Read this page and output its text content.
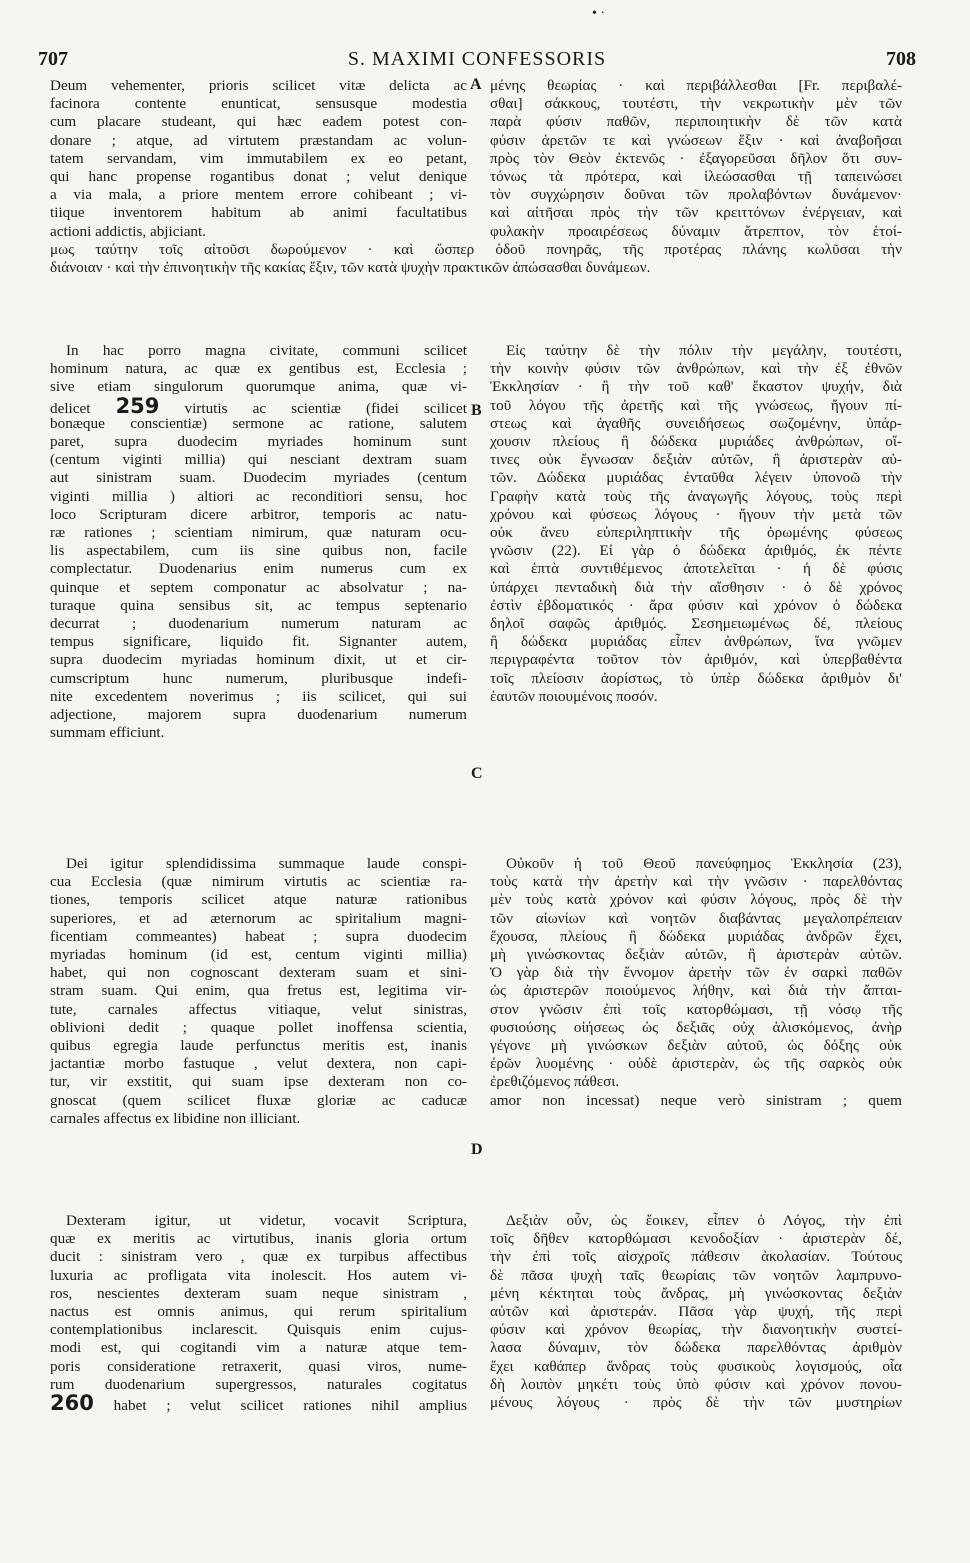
• ·
707	S. MAXIMI CONFESSORIS	708
Deum vehementer, prioris scilicet vitæ delicta ac
facinora contente enunticat, sensusque modestia
cum placare studeant, qui hæc eadem potest con-
donare ; atque, ad virtutem præstandam ac volun-
tatem servandam, vim immutabilem ex eo petant,
qui hanc propense rogantibus donat ; velut denique
a via mala, a priore mentem errore cohibeant ; vi-
tiique inventorem habitum ab animi facultatibus
actioni addictis, abjiciant.
μένης θεωρίας · καὶ περιβάλλεσθαι [Fr. περιβαλέ-
σθαι] σάκκους, τουτέστι, τὴν νεκρωτικὴν μὲν τῶν
παρὰ φύσιν παθῶν, περιποιητικὴν δὲ τῶν κατὰ
φύσιν ἀρετῶν τε καὶ γνώσεων ἕξιν · καὶ ἀναβοῆσαι
πρὸς τὸν Θεὸν ἐκτενῶς · ἐξαγορεῦσαι δῆλον ὅτι συν-
τόνως τὰ πρότερα, καὶ ἱλεώσασθαι τῇ ταπεινώσει
τὸν συγχώρησιν δοῦναι τῶν προλαβόντων δυνάμενον·
καὶ αἰτῆσαι πρὸς τὴν τῶν κρειττόνων ἐνέργειαν, καὶ
φυλακὴν προαιρέσεως δύναμιν ἄτρεπτον, τὸν ἑτοί-
μως ταύτην τοῖς αἰτοῦσι δωρούμενον · καὶ ὥσπερ ὁδοῦ πονηρᾶς, τῆς προτέρας πλάνης κωλῦσαι τὴν
διάνοιαν · καὶ τὴν ἐπινοητικὴν τῆς κακίας ἕξιν, τῶν κατὰ ψυχὴν πρακτικῶν ἀπώσασθαι δυνάμεων.
In hac porro magna civitate, communi scilicet
hominum natura, ac quæ ex gentibus est, Ecclesia ;
sive etiam singulorum quorumque anima, quæ vi-
delicet 259 virtutis ac scientiæ (fidei scilicet
bonæque conscientiæ) sermone ac ratione, salutem
paret, supra duodecim myriades hominum sunt
(centum viginti millia) qui nesciant dextram suam
aut sinistram suam. Duodecim myriades (centum
viginti millia ) altiori ac reconditiori sensu, hoc
loco Scripturam dicere arbitror, temporis ac natu-
ræ rationes ; scientiam nimirum, quæ naturam ocu-
lis aspectabilem, cum iis sine quibus non, facile
complectatur. Duodenarius enim numerus cum ex
quinque et septem componatur ac absolvatur ; na-
turaque quina sensibus sit, ac tempus septenario
decurrat ; duodenarium numerum naturam ac
tempus significare, liquido fit. Signanter autem,
supra duodecim myriadas hominum dixit, ut et cir-
cumscriptum hunc numerum, pluribusque indefi-
nite excedentem noverimus ; iis scilicet, qui sui
adjectione, majorem supra duodenarium numerum
summam efficiunt.
Εἰς ταύτην δὲ τὴν πόλιν τὴν μεγάλην, τουτέστι,
τὴν κοινὴν φύσιν τῶν ἀνθρώπων, καὶ τὴν ἐξ ἐθνῶν
Ἐκκλησίαν · ἢ τὴν τοῦ καθ' ἕκαστον ψυχήν, διὰ
τοῦ λόγου τῆς ἀρετῆς καὶ τῆς γνώσεως, ἤγουν πί-
στεως καὶ ἀγαθῆς συνειδήσεως σωζομένην, ὑπάρ-
χουσιν πλείους ἢ δώδεκα μυριάδες ἀνθρώπων, οἵ-
τινες οὐκ ἔγνωσαν δεξιὰν αὐτῶν, ἢ ἀριστερὰν αὐ-
τῶν. Δώδεκα μυριάδας ἐνταῦθα λέγειν ὑπονοῶ τὴν
Γραφὴν κατὰ τοὺς τῆς ἀναγωγῆς λόγους, τοὺς περὶ
χρόνου καὶ φύσεως λόγους · ἤγουν τὴν μετὰ τῶν
οὐκ ἄνευ εὐπεριληπτικὴν τῆς ὁρωμένης φύσεως
γνῶσιν (22). Εἰ γὰρ ὁ δώδεκα ἀριθμός, ἐκ πέντε
καὶ ἑπτὰ συντιθέμενος ἀποτελεῖται · ἡ δὲ φύσις
ὑπάρχει πενταδικὴ διὰ τὴν αἴσθησιν · ὁ δὲ χρόνος
ἐστὶν ἑβδοματικός · ἄρα φύσιν καὶ χρόνον ὁ δώδεκα
δηλοῖ σαφῶς ἀριθμός. Σεσημειωμένως δέ, πλείους
ἢ δώδεκα μυριάδας εἶπεν ἀνθρώπων, ἵνα γνῶμεν
περιγραφέντα τοῦτον τὸν ἀριθμόν, καὶ ὑπερβαθέντα
τοῖς πλείοσιν ἀορίστως, τὸ ὑπὲρ δώδεκα ἀριθμὸν δι'
ἑαυτῶν ποιουμένοις ποσόν.
Dei igitur splendidissima summaque laude conspi-
cua Ecclesia (quæ nimirum virtutis ac scientiæ ra-
tiones, temporis scilicet atque naturæ rationibus
superiores, et ad æternorum ac spiritalium magni-
ficentiam commeantes) habeat ; supra duodecim
myriadas hominum (id est, centum viginti millia)
habet, qui non cognoscant dexteram suam et sini-
stram suam. Qui enim, qua fretus est, legitima vir-
tute, carnales affectus vitiaque, velut sinistras,
oblivioni dedit ; quaque pollet inoffensa scientia,
quibus egregia laude perfunctus meritis est, inanis
jactantiæ morbo fastuque , velut dextera, non capi-
tur, vir exstitit, qui suam ipse dexteram non co-
gnoscat (quem scilicet fluxæ gloriæ ac caducæ
carnales affectus ex libidine non illiciant.
Οὐκοῦν ἡ τοῦ Θεοῦ πανεύφημος Ἐκκλησία (23),
τοὺς κατὰ τὴν ἀρετὴν καὶ τὴν γνῶσιν · παρελθόντας
μὲν τοὺς κατὰ χρόνον καὶ φύσιν λόγους, πρὸς δὲ τὴν
τῶν αἰωνίων καὶ νοητῶν διαβάντας μεγαλοπρέπειαν
ἔχουσα, πλείους ἢ δώδεκα μυριάδας ἀνδρῶν ἔχει,
μὴ γινώσκοντας δεξιὰν αὐτῶν, ἢ ἀριστερὰν αὐτῶν.
Ὁ γὰρ διὰ τὴν ἔννομον ἀρετὴν τῶν ἐν σαρκὶ παθῶν
ὡς ἀριστερῶν ποιούμενος λήθην, καὶ διὰ τὴν ἄπται-
στον γνῶσιν ἐπὶ τοῖς κατορθώμασι, τῇ νόσῳ τῆς
φυσιούσης οἰήσεως ὡς δεξιᾶς οὐχ ἁλισκόμενος, ἀνὴρ
γέγονε μὴ γινώσκων δεξιὰν αὐτοῦ, ὡς δόξης οὐκ
ἐρῶν λυομένης · οὐδὲ ἀριστερὰν, ὡς τῆς σαρκὸς οὐκ
ἐρεθιζόμενος πάθεσι.
amor non incessat) neque verò sinistram ; quem
Dexteram igitur, ut videtur, vocavit Scriptura,
quæ ex meritis ac virtutibus, inanis gloria ortum
ducit : sinistram vero , quæ ex turpibus affectibus
luxuria ac profligata vita inolescit. Hos autem vi-
ros, nescientes dexteram suam neque sinistram ,
nactus est omnis animus, qui rerum spiritalium
contemplationibus inclarescit. Quisquis enim cujus-
modi est, qui cogitandi vim a naturæ atque tem-
poris consideratione retraxerit, quasi viros, nume-
rum duodenarium supergressos, naturales cogitatus
260 habet ; velut scilicet rationes nihil amplius
Δεξιὰν οὖν, ὡς ἔοικεν, εἶπεν ὁ Λόγος, τὴν ἐπὶ
τοῖς δῆθεν κατορθώμασι κενοδοξίαν · ἀριστερὰν δέ,
τὴν ἐπὶ τοῖς αἰσχροῖς πάθεσιν ἀκολασίαν. Τούτους
δὲ πᾶσα ψυχὴ ταῖς θεωρίαις τῶν νοητῶν λαμπρυνο-
μένη κέκτηται τοὺς ἄνδρας, μὴ γινώσκοντας δεξιὰν
αὐτῶν καὶ ἀριστεράν. Πᾶσα γὰρ ψυχή, τῆς περὶ
φύσιν καὶ χρόνον θεωρίας, τὴν διανοητικὴν συστεί-
λασα δύναμιν, τὸν δώδεκα παρελθόντας ἀριθμὸν
ἔχει καθάπερ ἄνδρας τοὺς φυσικοὺς λογισμούς, οἷα
δὴ λοιπὸν μηκέτι τοὺς ὑπὸ φύσιν καὶ χρόνον πονου-
μένους λόγους · πρὸς δὲ τὴν τῶν μυστηρίων
A
B
C
D
